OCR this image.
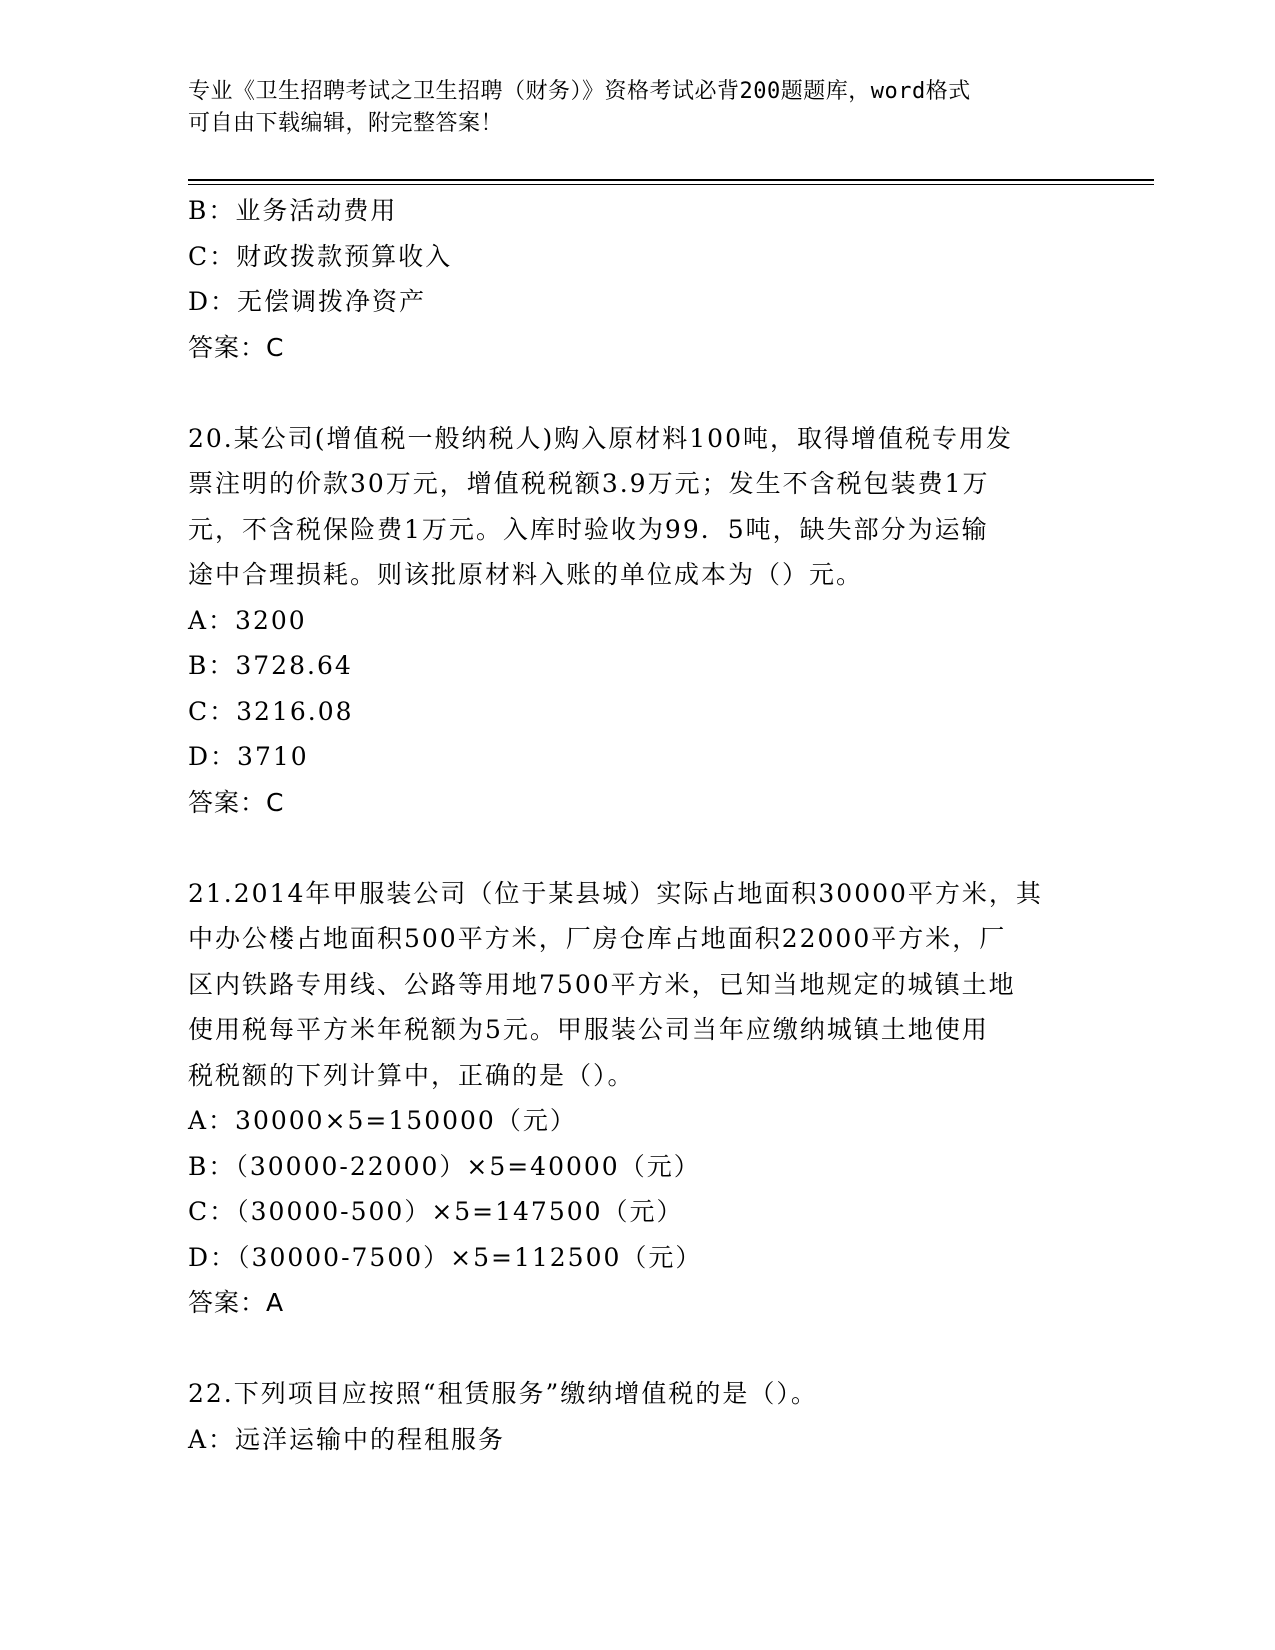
专业《卫生招聘考试之卫生招聘（财务）》资格考试必背200题题库，word格式
可自由下载编辑，附完整答案！
B：业务活动费用
C：财政拨款预算收入
D：无偿调拨净资产
答案：C
20.某公司(增值税一般纳税人)购入原材料100吨，取得增值税专用发
票注明的价款30万元，增值税税额3.9万元；发生不含税包装费1万
元，不含税保险费1万元。入库时验收为99．5吨，缺失部分为运输
途中合理损耗。则该批原材料入账的单位成本为（）元。
A：3200
B：3728.64
C：3216.08
D：3710
答案：C
21.2014年甲服装公司（位于某县城）实际占地面积30000平方米，其
中办公楼占地面积500平方米，厂房仓库占地面积22000平方米，厂
区内铁路专用线、公路等用地7500平方米，已知当地规定的城镇土地
使用税每平方米年税额为5元。甲服装公司当年应缴纳城镇土地使用
税税额的下列计算中，正确的是（）。
A：30000×5=150000（元）
B：（30000-22000）×5=40000（元）
C：（30000-500）×5=147500（元）
D：（30000-7500）×5=112500（元）
答案：A
22.下列项目应按照“租赁服务”缴纳增值税的是（）。
A：远洋运输中的程租服务
